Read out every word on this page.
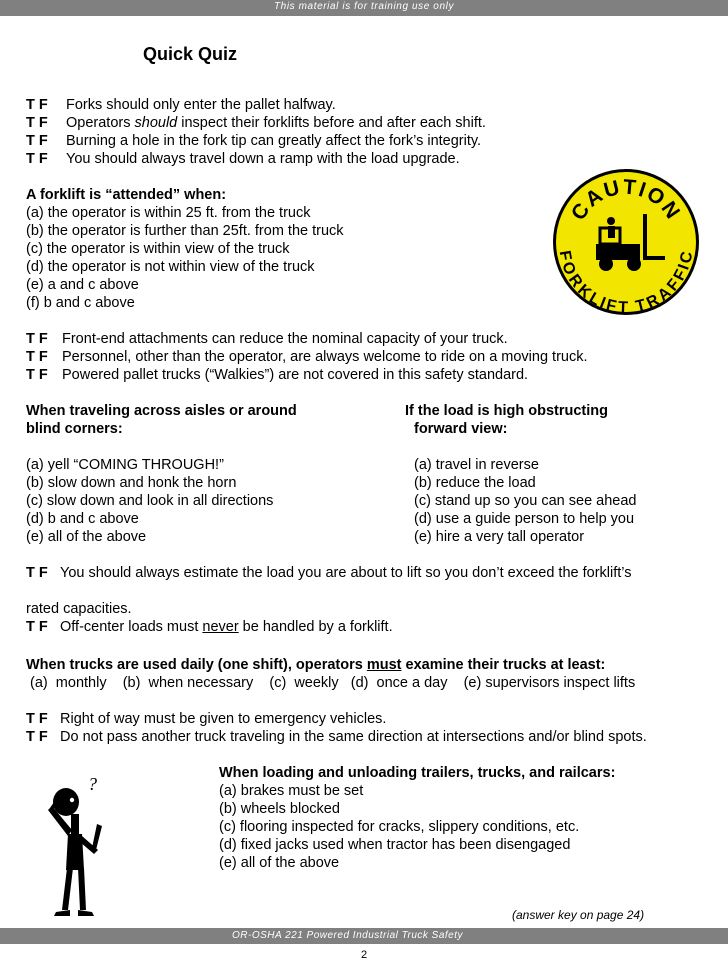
This material is for training use only
Quick Quiz
T F Forks should only enter the pallet halfway.
T F Operators should inspect their forklifts before and after each shift.
T F Burning a hole in the fork tip can greatly affect the fork’s integrity.
T F You should always travel down a ramp with the load upgrade.
A forklift is “attended” when:
(a) the operator is within 25 ft. from the truck
(b) the operator is further than 25ft. from the truck
(c) the operator is within view of the truck
(d) the operator is not within view of the truck
(e) a and c above
(f) b and c above
CAUTION
FORKLIFT TRAFFIC
T F Front-end attachments can reduce the nominal capacity of your truck.
T F Personnel, other than the operator, are always welcome to ride on a moving truck.
T F Powered pallet trucks (“Walkies”) are not covered in this safety standard.
When traveling across aisles or around
blind corners:
(a) yell “COMING THROUGH!”
(b) slow down and honk the horn
(c) slow down and look in all directions
(d) b and c above
(e) all of the above
If the load is high obstructing
forward view:
(a) travel in reverse
(b) reduce the load
(c) stand up so you can see ahead
(d) use a guide person to help you
(e) hire a very tall operator
T F You should always estimate the load you are about to lift so you don’t exceed the forklift’s
rated capacities.
T F Off-center loads must never be handled by a forklift.
When trucks are used daily (one shift), operators must examine their trucks at least:
(a)  monthly    (b)  when necessary    (c)  weekly   (d)  once a day    (e) supervisors inspect lifts
T F Right of way must be given to emergency vehicles.
T F Do not pass another truck traveling in the same direction at intersections and/or blind spots.
?
When loading and unloading trailers, trucks, and railcars:
(a) brakes must be set
(b) wheels blocked
(c) flooring inspected for cracks, slippery conditions, etc.
(d) fixed jacks used when tractor has been disengaged
(e) all of the above
(answer key on page 24)
OR-OSHA 221 Powered Industrial Truck Safety
2
